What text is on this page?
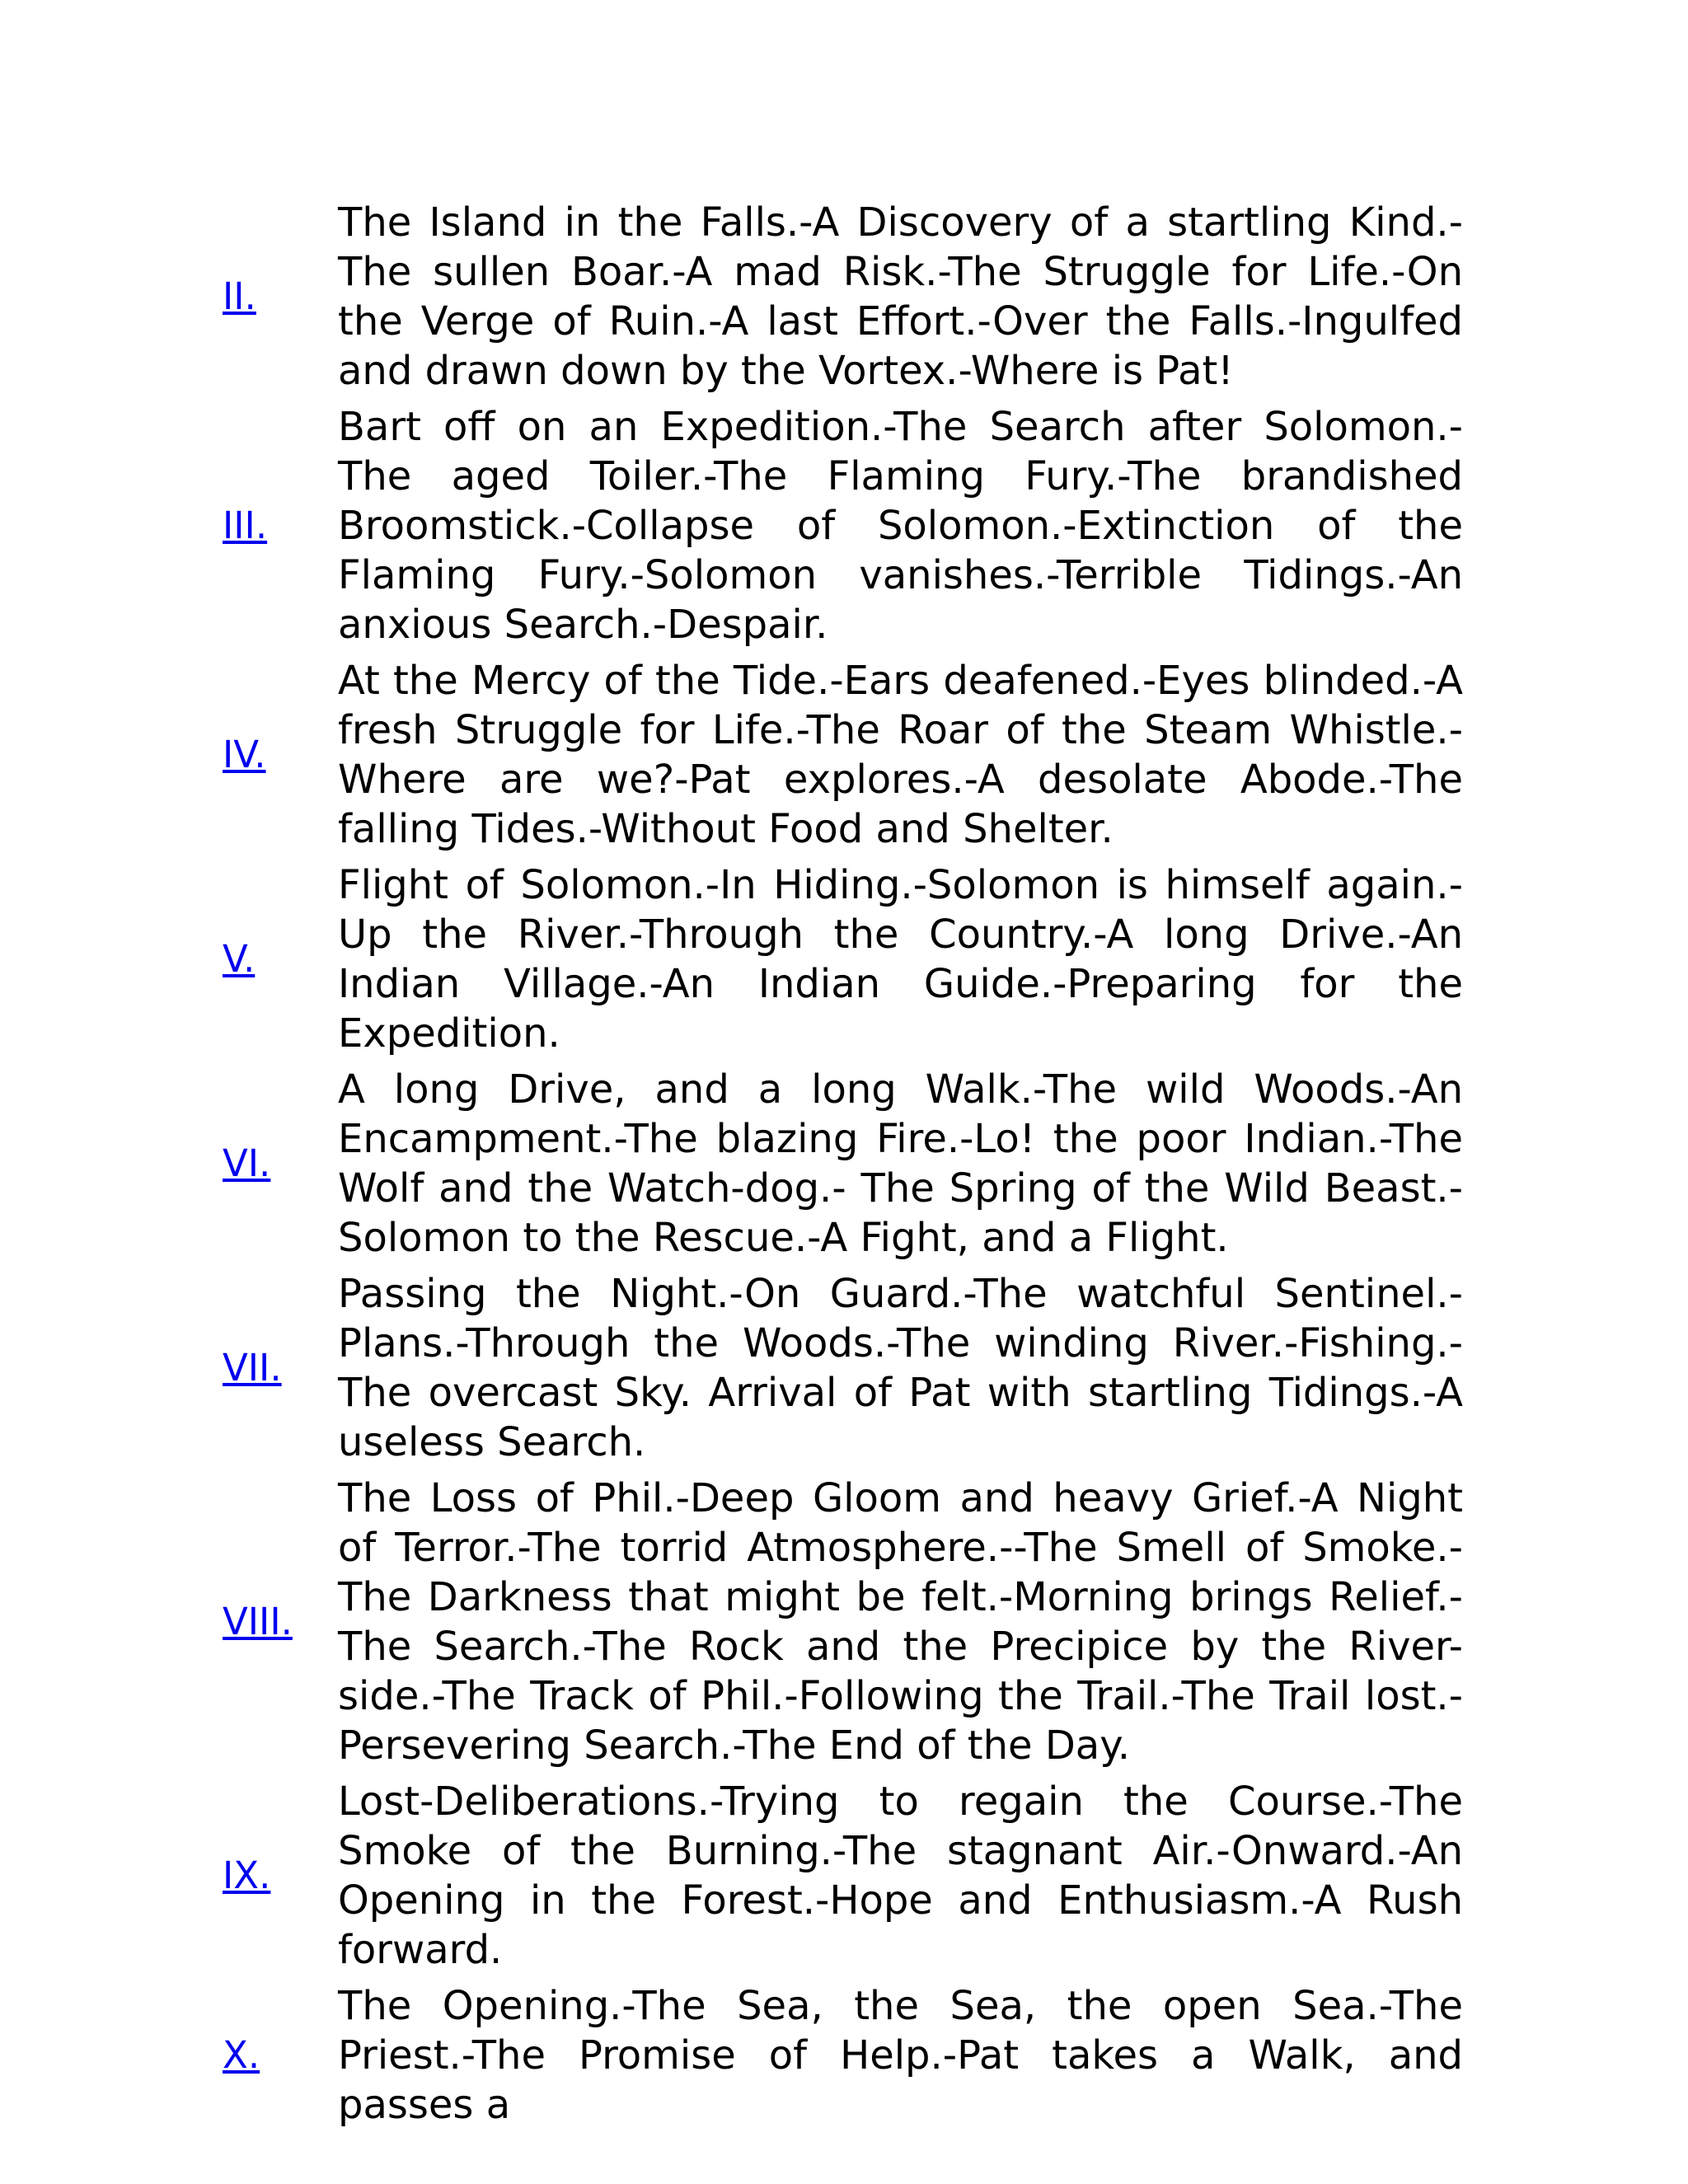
II.

The Island in the Falls.-A Discovery of a startling Kind.-The sullen Boar.-A mad Risk.-The Struggle for Life.-On the Verge of Ruin.-A last Effort.-Over the Falls.-Ingulfed and drawn down by the Vortex.-Where is Pat!

III.

Bart off on an Expedition.-The Search after Solomon.-The aged Toiler.-The Flaming Fury.-The brandished Broomstick.-Collapse of Solomon.-Extinction of the Flaming Fury.-Solomon vanishes.-Terrible Tidings.-An anxious Search.-Despair.

IV.

At the Mercy of the Tide.-Ears deafened.-Eyes blinded.-A fresh Struggle for Life.-The Roar of the Steam Whistle.-Where are we?-Pat explores.-A desolate Abode.-The falling Tides.-Without Food and Shelter.

V.

Flight of Solomon.-In Hiding.-Solomon is himself again.-Up the River.-Through the Country.-A long Drive.-An Indian Village.-An Indian Guide.-Preparing for the Expedition.

VI.

A long Drive, and a long Walk.-The wild Woods.-An Encampment.-The blazing Fire.-Lo! the poor Indian.-The Wolf and the Watch-dog.- The Spring of the Wild Beast.-Solomon to the Rescue.-A Fight, and a Flight.

VII.

Passing the Night.-On Guard.-The watchful Sentinel.-Plans.-Through the Woods.-The winding River.-Fishing.-The overcast Sky. Arrival of Pat with startling Tidings.-A useless Search.

VIII.

The Loss of Phil.-Deep Gloom and heavy Grief.-A Night of Terror.-The torrid Atmosphere.--The Smell of Smoke.-The Darkness that might be felt.-Morning brings Relief.-The Search.-The Rock and the Precipice by the River-side.-The Track of Phil.-Following the Trail.-The Trail lost.-Persevering Search.-The End of the Day.

IX.

Lost-Deliberations.-Trying to regain the Course.-The Smoke of the Burning.-The stagnant Air.-Onward.-An Opening in the Forest.-Hope and Enthusiasm.-A Rush forward.

X.

The Opening.-The Sea, the Sea, the open Sea.-The Priest.-The Promise of Help.-Pat takes a Walk, and passes a
